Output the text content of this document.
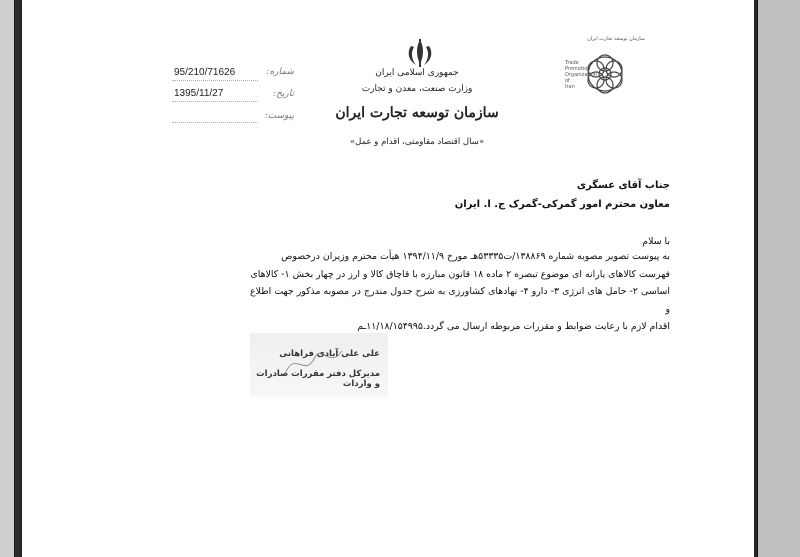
95/210/71626	شماره:
1395/11/27	تاریخ:
پیوست:
جمهوری اسلامی ایران
وزارت صنعت، معدن و تجارت
سازمان توسعه تجارت ایران
«سال اقتصاد مقاومتی، اقدام و عمل»
سازمان توسعه تجارت ایران
Trade Promotion Organization of Iran
جناب آقای عسگری
معاون محترم امور گمرکی-گمرک ج. ا. ایران
با سلام
به پیوست تصویر مصوبه شماره ۱۳۸۸۶۹/ت۵۳۳۳۵هـ مورخ ۱۳۹۴/۱۱/۹ هیأت محترم وزیران درخصوص
فهرست کالاهای یارانه ای موضوع تبصره ۲ ماده ۱۸ قانون مبارزه با قاچاق کالا و ارز در چهار بخش ۱- کالاهای
اساسی ۲- حامل های انرژی ۳- دارو ۴- نهادهای کشاورزی به شرح جدول مندرج در مصوبه مذکور جهت اطلاع و
اقدام لازم با رعایت ضوابط و مقررات مربوطه ارسال می گردد.۱۱/۱۸/۱۵۴۹۹۵ـم
علی علی آبادی فراهانی
مدیرکل دفتر مقررات صادرات و واردات
